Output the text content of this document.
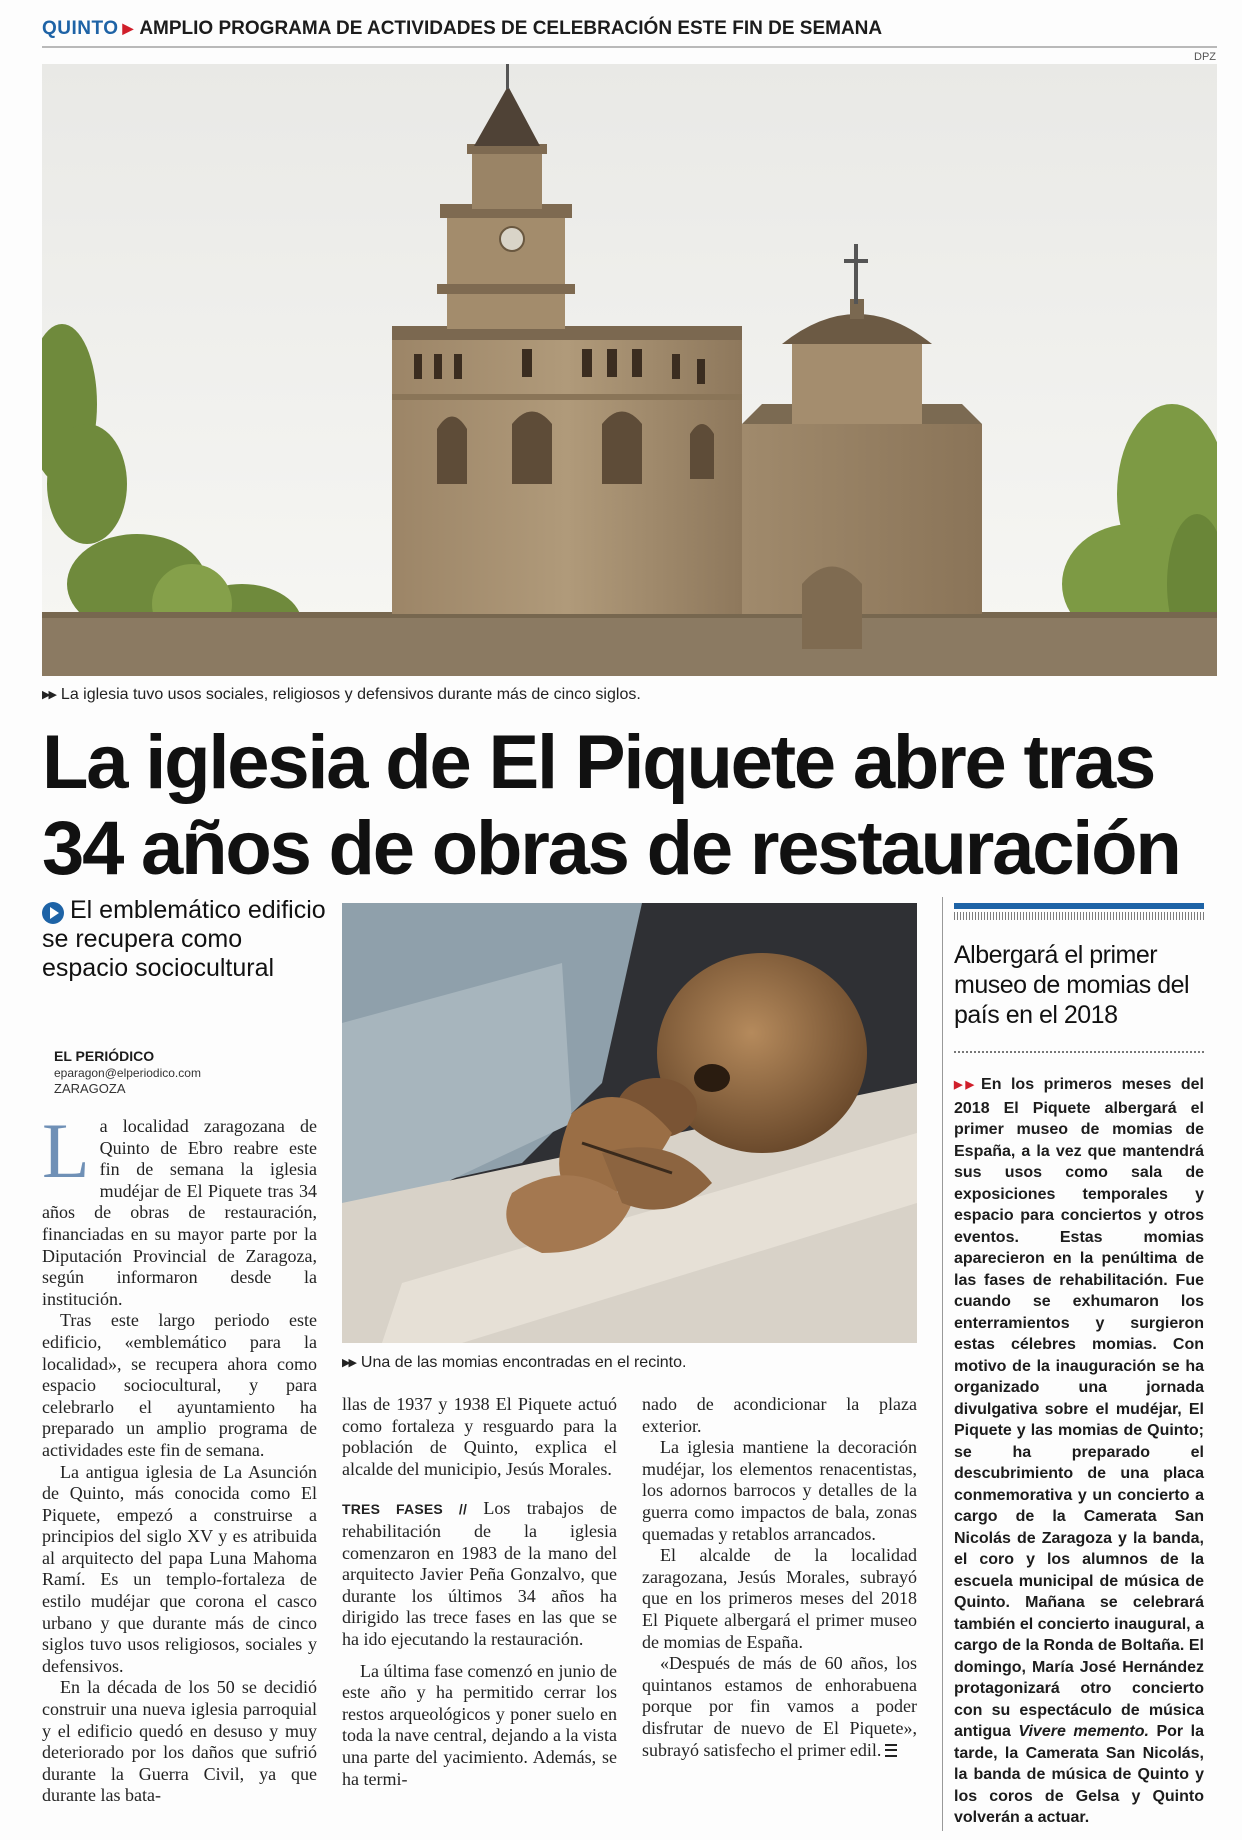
QUINTO ▶ AMPLIO PROGRAMA DE ACTIVIDADES DE CELEBRACIÓN ESTE FIN DE SEMANA
DPZ
▶▶ La iglesia tuvo usos sociales, religiosos y defensivos durante más de cinco siglos.
La iglesia de El Piquete abre tras
34 años de obras de restauración
El emblemático edificio se recupera como espacio sociocultural
EL PERIÓDICO
eparagon@elperiodico.com
ZARAGOZA

La localidad zaragozana de Quinto de Ebro reabre este fin de semana la iglesia mudéjar de El Piquete tras 34 años de obras de restauración, financiadas en su mayor parte por la Diputación Provincial de Zaragoza, según informaron desde la institución.

Tras este largo periodo este edificio, «emblemático para la localidad», se recupera ahora como espacio sociocultural, y para celebrarlo el ayuntamiento ha preparado un amplio programa de actividades este fin de semana.

La antigua iglesia de La Asunción de Quinto, más conocida como El Piquete, empezó a construirse a principios del siglo XV y es atribuida al arquitecto del papa Luna Mahoma Ramí. Es un templo-fortaleza de estilo mudéjar que corona el casco urbano y que durante más de cinco siglos tuvo usos religiosos, sociales y defensivos.

En la década de los 50 se decidió construir una nueva iglesia parroquial y el edificio quedó en desuso y muy deteriorado por los daños que sufrió durante la Guerra Civil, ya que durante las bata-

▶▶ Una de las momias encontradas en el recinto.

llas de 1937 y 1938 El Piquete actuó como fortaleza y resguardo para la población de Quinto, explica el alcalde del municipio, Jesús Morales.

TRES FASES // Los trabajos de rehabilitación de la iglesia comenzaron en 1983 de la mano del arquitecto Javier Peña Gonzalvo, que durante los últimos 34 años ha dirigido las trece fases en las que se ha ido ejecutando la restauración.

La última fase comenzó en junio de este año y ha permitido cerrar los restos arqueológicos y poner suelo en toda la nave central, dejando a la vista una parte del yacimiento. Además, se ha termi-

nado de acondicionar la plaza exterior.

La iglesia mantiene la decoración mudéjar, los elementos renacentistas, los adornos barrocos y detalles de la guerra como impactos de bala, zonas quemadas y retablos arrancados.

El alcalde de la localidad zaragozana, Jesús Morales, subrayó que en los primeros meses del 2018 El Piquete albergará el primer museo de momias de España.

«Después de más de 60 años, los quintanos estamos de enhorabuena porque por fin vamos a poder disfrutar de nuevo de El Piquete», subrayó satisfecho el primer edil.

Albergará el primer museo de momias del país en el 2018
▶▶ En los primeros meses del 2018 El Piquete albergará el primer museo de momias de España, a la vez que mantendrá sus usos como sala de exposiciones temporales y espacio para conciertos y otros eventos. Estas momias aparecieron en la penúltima de las fases de rehabilitación. Fue cuando se exhumaron los enterramientos y surgieron estas célebres momias. Con motivo de la inauguración se ha organizado una jornada divulgativa sobre el mudéjar, El Piquete y las momias de Quinto; se ha preparado el descubrimiento de una placa conmemorativa y un concierto a cargo de la Camerata San Nicolás de Zaragoza y la banda, el coro y los alumnos de la escuela municipal de música de Quinto. Mañana se celebrará también el concierto inaugural, a cargo de la Ronda de Boltaña. El domingo, María José Hernández protagonizará otro concierto con su espectáculo de música antigua Vivere memento. Por la tarde, la Camerata San Nicolás, la banda de música de Quinto y los coros de Gelsa y Quinto volverán a actuar.
